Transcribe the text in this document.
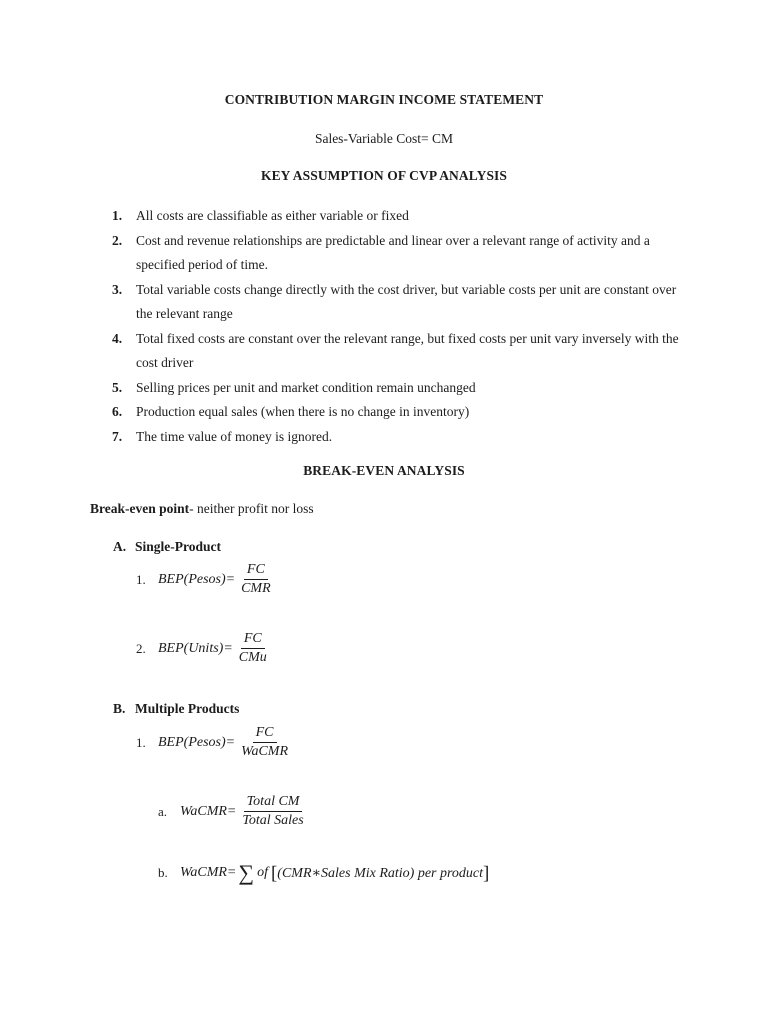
CONTRIBUTION MARGIN INCOME STATEMENT
Sales-Variable Cost= CM
KEY ASSUMPTION OF CVP ANALYSIS
1. All costs are classifiable as either variable or fixed
2. Cost and revenue relationships are predictable and linear over a relevant range of activity and a specified period of time.
3. Total variable costs change directly with the cost driver, but variable costs per unit are constant over the relevant range
4. Total fixed costs are constant over the relevant range, but fixed costs per unit vary inversely with the cost driver
5. Selling prices per unit and market condition remain unchanged
6. Production equal sales (when there is no change in inventory)
7. The time value of money is ignored.
BREAK-EVEN ANALYSIS
Break-even point- neither profit nor loss
A. Single-Product
1. BEP(Pesos)= $\frac{FC}{\text{CMR}}$
2. BEP(Units)= $\frac{FC}{\text{CMu}}$
B. Multiple Products
1. BEP(Pesos)= $\frac{FC}{\text{WaCMR}}$
a. WaCMR= $\frac{\text{Total CM}}{\text{Total Sales}}$
b. WaCMR= ∑ of [ (CMR∗Sales Mix Ratio) per product ]
